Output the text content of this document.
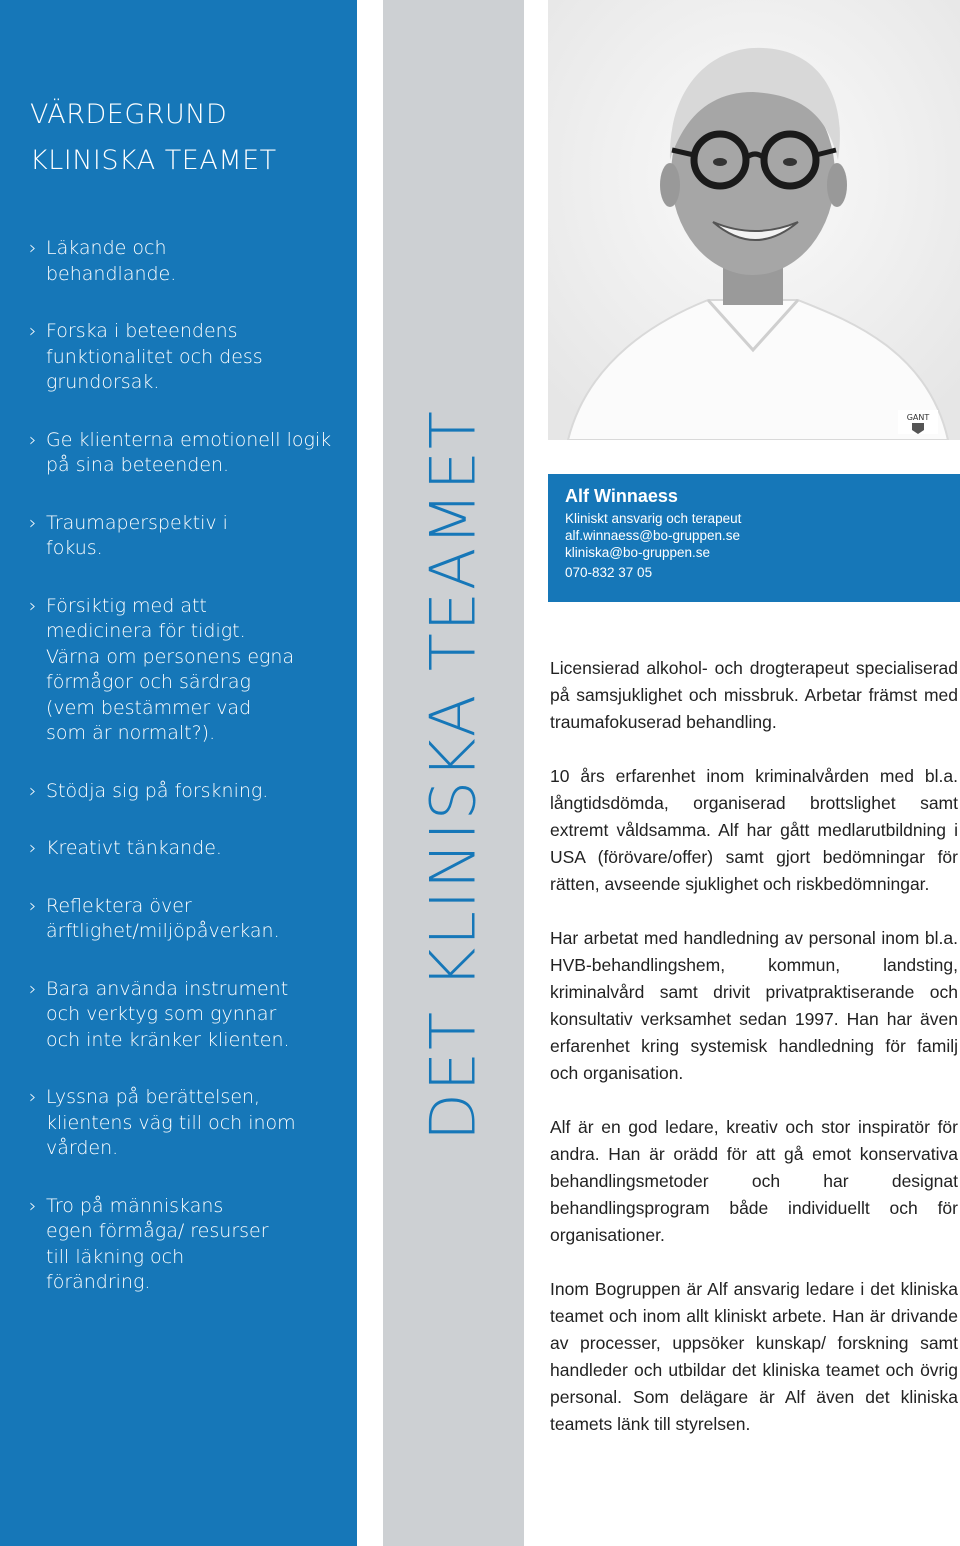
VÄRDEGRUND
KLINISKA TEAMET
› Läkande och behandlande.
› Forska i beteendens funktionalitet och dess grundorsak.
› Ge klienterna emotionell logik på sina beteenden.
› Traumaperspektiv i fokus.
› Försiktig med att medicinera för tidigt. Värna om personens egna förmågor och särdrag (vem bestämmer vad som är normalt?).
› Stödja sig på forskning.
› Kreativt tänkande.
› Reflektera över ärftlighet/miljöpåverkan.
› Bara använda instrument och verktyg som gynnar och inte kränker klienten.
› Lyssna på berättelsen, klientens väg till och inom vården.
› Tro på människans egen förmåga/ resurser till läkning och förändring.
DET KLINISKA TEAMET	GANT
Alf Winnaess
Kliniskt ansvarig och terapeut
alf.winnaess@bo-gruppen.se
kliniska@bo-gruppen.se
070-832 37 05

Licensierad alkohol- och drogterapeut specialiserad på samsjuklighet och missbruk. Arbetar främst med traumafokuserad behandling.

10 års erfarenhet inom kriminalvården med bl.a. långtidsdömda, organiserad brottslighet samt extremt våldsamma. Alf har gått medlarutbildning i USA (förövare/offer) samt gjort bedömningar för rätten, avseende sjuklighet och riskbedömningar.

Har arbetat med handledning av personal inom bl.a. HVB-behandlingshem, kommun, landsting, kriminalvård samt drivit privatpraktiserande och konsultativ verksamhet sedan 1997. Han har även erfarenhet kring systemisk handledning för familj och organisation.

Alf är en god ledare, kreativ och stor inspiratör för andra. Han är orädd för att gå emot konservativa behandlingsmetoder och har designat behandlingsprogram både individuellt och för organisationer.

Inom Bogruppen är Alf ansvarig ledare i det kliniska teamet och inom allt kliniskt arbete. Han är drivande av processer, uppsöker kunskap/ forskning samt handleder och utbildar det kliniska teamet och övrig personal. Som delägare är Alf även det kliniska teamets länk till styrelsen.
